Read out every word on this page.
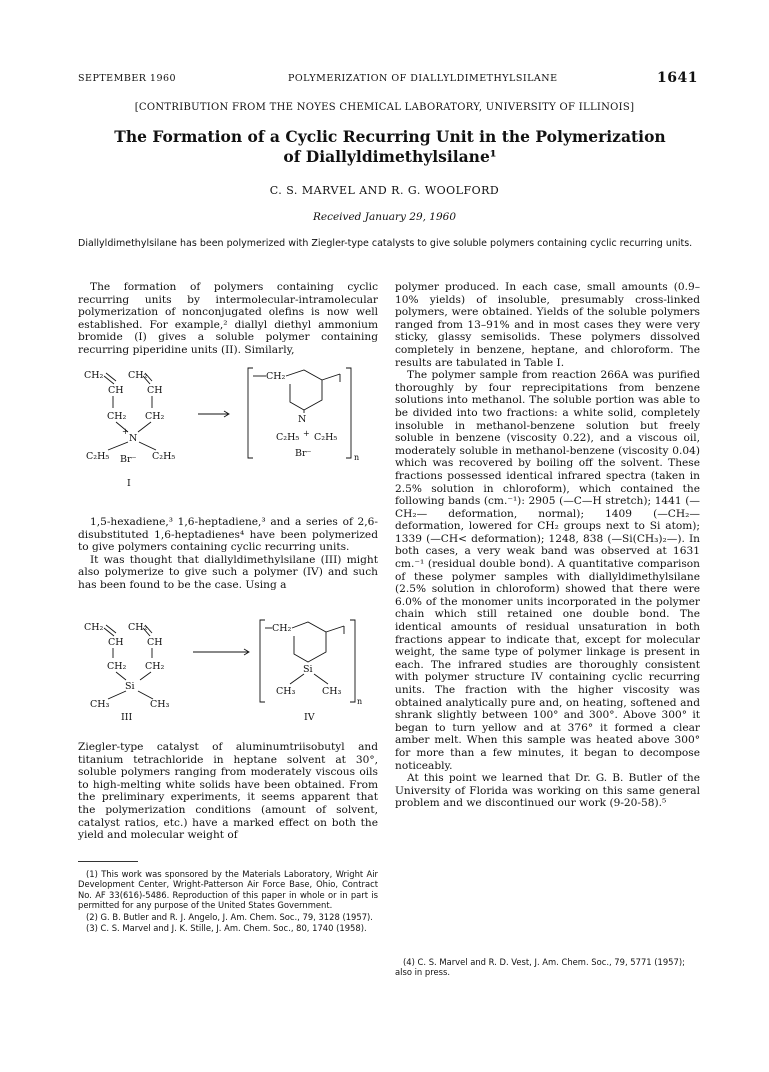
SEPTEMBER 1960	POLYMERIZATION OF DIALLYLDIMETHYLSILANE	1641
[CONTRIBUTION FROM THE NOYES CHEMICAL LABORATORY, UNIVERSITY OF ILLINOIS]
The Formation of a Cyclic Recurring Unit in the Polymerization
of Diallyldimethylsilane¹
C. S. MARVEL AND R. G. WOOLFORD
Received January 29, 1960
Diallyldimethylsilane has been polymerized with Ziegler-type catalysts to give soluble polymers containing cyclic recurring units.

The formation of polymers containing cyclic recurring units by intermolecular-intramolecular polymerization of nonconjugated olefins is now well established. For example,² diallyl diethyl ammonium bromide (I) gives a soluble polymer containing recurring piperidine units (II). Similarly,

CH₂	CH₂
CH CH
CH₂ CH₂
N
+
C₂H₅	C₂H₅
Br⁻
I
CH₂
N
C₂H₅ + C₂H₅
Br⁻	n

1,5-hexadiene,³ 1,6-heptadiene,³ and a series of 2,6-disubstituted 1,6-heptadienes⁴ have been polymerized to give polymers containing cyclic recurring units.

It was thought that diallyldimethylsilane (III) might also polymerize to give such a polymer (IV) and such has been found to be the case. Using a

CH₂	CH₂
CH CH
CH₂ CH₂
Si
CH₃	CH₃
III
CH₂
Si
CH₃	CH₃
n
IV

Ziegler-type catalyst of aluminumtriisobutyl and titanium tetrachloride in heptane solvent at 30°, soluble polymers ranging from moderately viscous oils to high-melting white solids have been obtained. From the preliminary experiments, it seems apparent that the polymerization conditions (amount of solvent, catalyst ratios, etc.) have a marked effect on both the yield and molecular weight of

(1) This work was sponsored by the Materials Laboratory, Wright Air Development Center, Wright-Patterson Air Force Base, Ohio, Contract No. AF 33(616)-5486. Reproduction of this paper in whole or in part is permitted for any purpose of the United States Government.

(2) G. B. Butler and R. J. Angelo, J. Am. Chem. Soc., 79, 3128 (1957).

(3) C. S. Marvel and J. K. Stille, J. Am. Chem. Soc., 80, 1740 (1958).

polymer produced. In each case, small amounts (0.9–10% yields) of insoluble, presumably cross-linked polymers, were obtained. Yields of the soluble polymers ranged from 13–91% and in most cases they were very sticky, glassy semisolids. These polymers dissolved completely in benzene, heptane, and chloroform. The results are tabulated in Table I.

The polymer sample from reaction 266A was purified thoroughly by four reprecipitations from benzene solutions into methanol. The soluble portion was able to be divided into two fractions: a white solid, completely insoluble in methanol-benzene solution but freely soluble in benzene (viscosity 0.22), and a viscous oil, moderately soluble in methanol-benzene (viscosity 0.04) which was recovered by boiling off the solvent. These fractions possessed identical infrared spectra (taken in 2.5% solution in chloroform), which contained the following bands (cm.⁻¹): 2905 (—C—H stretch); 1441 (—CH₂— deformation, normal); 1409 (—CH₂— deformation, lowered for CH₂ groups next to Si atom); 1339 (—CH< deformation); 1248, 838 (—Si(CH₃)₂—). In both cases, a very weak band was observed at 1631 cm.⁻¹ (residual double bond). A quantitative comparison of these polymer samples with diallyldimethylsilane (2.5% solution in chloroform) showed that there were 6.0% of the monomer units incorporated in the polymer chain which still retained one double bond. The identical amounts of residual unsaturation in both fractions appear to indicate that, except for molecular weight, the same type of polymer linkage is present in each. The infrared studies are thoroughly consistent with polymer structure IV containing cyclic recurring units. The fraction with the higher viscosity was obtained analytically pure and, on heating, softened and shrank slightly between 100° and 300°. Above 300° it began to turn yellow and at 376° it formed a clear amber melt. When this sample was heated above 300° for more than a few minutes, it began to decompose noticeably.

At this point we learned that Dr. G. B. Butler of the University of Florida was working on this same general problem and we discontinued our work (9-20-58).⁵

(4) C. S. Marvel and R. D. Vest, J. Am. Chem. Soc., 79, 5771 (1957); also in press.
